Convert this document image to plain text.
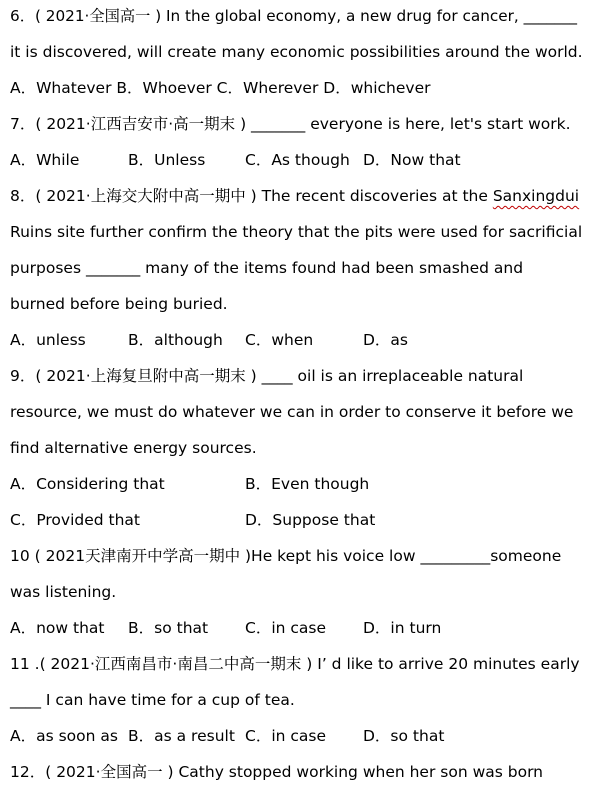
6．( 2021·全国高一 ) In the global economy, a new drug for cancer, _______
it is discovered, will create many economic possibilities around the world.
A．Whatever B．Whoever C．Wherever D．whichever
7．( 2021·江西吉安市·高一期末 ) _______ everyone is here, let's start work.
A．While	B．Unless	C．As though D．Now that
8．( 2021·上海交大附中高一期中 ) The recent discoveries at the Sanxingdui
Ruins site further confirm the theory that the pits were used for sacrificial
purposes _______ many of the items found had been smashed and
burned before being buried.
A．unless	B．although C．when	D．as
9．( 2021·上海复旦附中高一期末 ) ____ oil is an irreplaceable natural
resource, we must do whatever we can in order to conserve it before we
find alternative energy sources.
A．Considering that	B．Even though
C．Provided that	D．Suppose that
10 ( 2021天津南开中学高一期中 )He kept his voice low _________someone
was listening.
A．now that B．so that C．in case D．in turn
11 .( 2021·江西南昌市·南昌二中高一期末 ) I’ d like to arrive 20 minutes early
____ I can have time for a cup of tea.
A．as soon as B．as a result C．in case D．so that
12．( 2021·全国高一 ) Cathy stopped working when her son was born
